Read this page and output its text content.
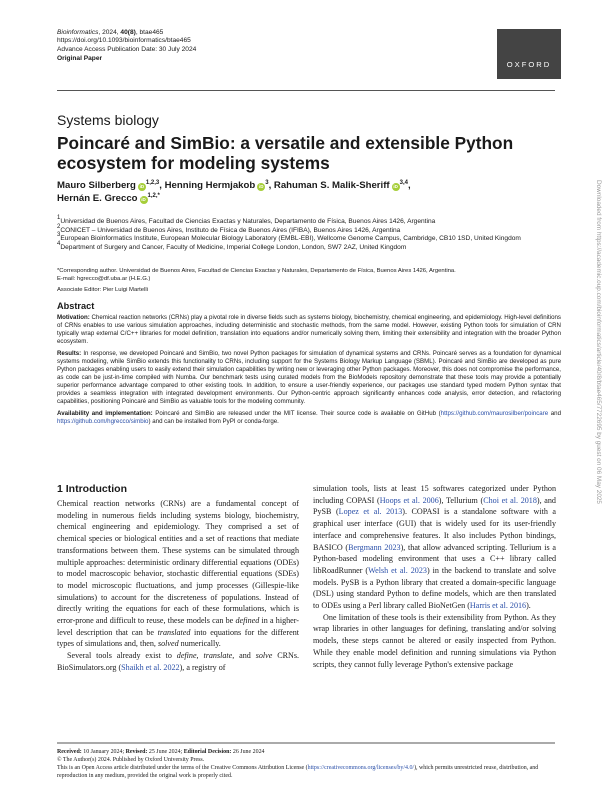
Bioinformatics, 2024, 40(8), btae465
https://doi.org/10.1093/bioinformatics/btae465
Advance Access Publication Date: 30 July 2024
Original Paper
OXFORD
Systems biology
Poincaré and SimBio: a versatile and extensible Python ecosystem for modeling systems
Mauro Silberberg iD$^{1,2,3}$, Henning Hermjakob $iD^3$, Rahuman S. Malik-Sheriff iD$^{3,4}$,
Hernán E. Grecco $iD^{1,2,*}$
$^1$Universidad de Buenos Aires, Facultad de Ciencias Exactas y Naturales, Departamento de Física, Buenos Aires 1426, Argentina
$^2$CONICET – Universidad de Buenos Aires, Instituto de Física de Buenos Aires (IFIBA), Buenos Aires 1426, Argentina
$^3$European Bioinformatics Institute, European Molecular Biology Laboratory (EMBL-EBI), Wellcome Genome Campus, Cambridge, CB10 1SD, United Kingdom
$^4$Department of Surgery and Cancer, Faculty of Medicine, Imperial College London, London, SW7 2AZ, United Kingdom
*Corresponding author. Universidad de Buenos Aires, Facultad de Ciencias Exactas y Naturales, Departamento de Física, Buenos Aires 1426, Argentina.
E-mail: hgrecco@df.uba.ar (H.E.G.)
Associate Editor: Pier Luigi Martelli
Abstract

Motivation: Chemical reaction networks (CRNs) play a pivotal role in diverse fields such as systems biology, biochemistry, chemical engineering, and epidemiology. High-level definitions of CRNs enables to use various simulation approaches, including deterministic and stochastic methods, from the same model. However, existing Python tools for simulation of CRN typically wrap external C/C++ libraries for model definition, translation into equations and/or numerically solving them, limiting their extensibility and integration with the broader Python ecosystem.

Results: In response, we developed Poincaré and SimBio, two novel Python packages for simulation of dynamical systems and CRNs. Poincaré serves as a foundation for dynamical systems modeling, while SimBio extends this functionality to CRNs, including support for the Systems Biology Markup Language (SBML). Poincaré and SimBio are developed as pure Python packages enabling users to easily extend their simulation capabilities by writing new or leveraging other Python packages. Moreover, this does not compromise the performance, as code can be just-in-time compiled with Numba. Our benchmark tests using curated models from the BioModels repository demonstrate that these tools may provide a potentially superior performance advantage compared to other existing tools. In addition, to ensure a user-friendly experience, our packages use standard typed modern Python syntax that provides a seamless integration with integrated development environments. Our Python-centric approach significantly enhances code analysis, error detection, and refactoring capabilities, positioning Poincaré and SimBio as valuable tools for the modeling community.

Availability and implementation: Poincaré and SimBio are released under the MIT license. Their source code is available on GitHub (https://github.com/maurosilber/poincare and https://github.com/hgrecco/simbio) and can be installed from PyPI or conda-forge.

1 Introduction

Chemical reaction networks (CRNs) are a fundamental concept of modeling in numerous fields including systems biology, biochemistry, chemical engineering and epidemiology. They comprised a set of chemical species or biological entities and a set of reactions that mediate transformations between them. These systems can be simulated through multiple approaches: deterministic ordinary differential equations (ODEs) to model macroscopic behavior, stochastic differential equations (SDEs) to model microscopic fluctuations, and jump processes (Gillespie-like simulations) to account for the discreteness of populations. Instead of directly writing the equations for each of these formulations, which is error-prone and difficult to reuse, these models can be defined in a higher-level description that can be translated into equations for the different types of simulations and, then, solved numerically.

Several tools already exist to define, translate, and solve CRNs. BioSimulators.org (Shaikh et al. 2022), a registry of

simulation tools, lists at least 15 softwares categorized under Python including COPASI (Hoops et al. 2006), Tellurium (Choi et al. 2018), and PySB (Lopez et al. 2013). COPASI is a standalone software with a graphical user interface (GUI) that is widely used for its user-friendly interface and comprehensive features. It also includes Python bindings, BASICO (Bergmann 2023), that allow advanced scripting. Tellurium is a Python-based modeling environment that uses a C++ library called libRoadRunner (Welsh et al. 2023) in the backend to translate and solve models. PySB is a Python library that created a domain-specific language (DSL) using standard Python to define models, which are then translated to ODEs using a Perl library called BioNetGen (Harris et al. 2016).

One limitation of these tools is their extensibility from Python. As they wrap libraries in other languages for defining, translating and/or solving models, these steps cannot be altered or easily inspected from Python. While they enable model definition and running simulations via Python scripts, they cannot fully leverage Python's extensive package

Received: 10 January 2024; Revised: 25 June 2024; Editorial Decision: 26 June 2024
© The Author(s) 2024. Published by Oxford University Press.
This is an Open Access article distributed under the terms of the Creative Commons Attribution License (https://creativecommons.org/licenses/by/4.0/), which permits unrestricted reuse, distribution, and reproduction in any medium, provided the original work is properly cited.
Downloaded from https://academic.oup.com/bioinformatics/article/40/8/btae465/7722695 by guest on 06 May 2025
